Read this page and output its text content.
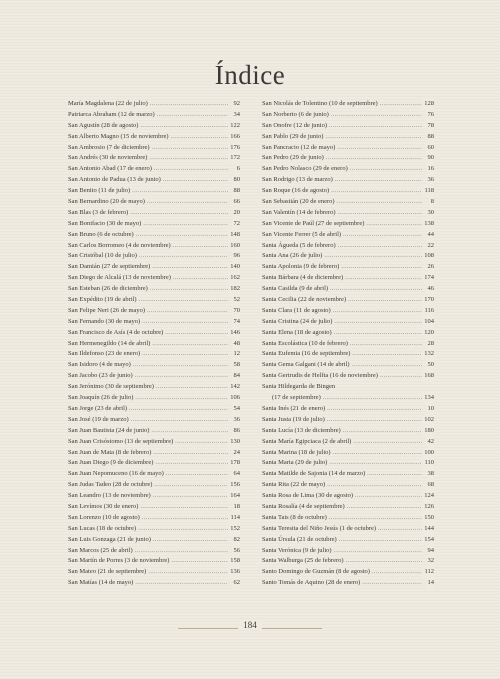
Índice
María Magdalena (22 de julio) .....	92
Patriarca Abraham (12 de marzo) .....	34
San Agustín (28 de agosto) .....	122
San Alberto Magno (15 de noviembre) .....	166
San Ambrosio (7 de diciembre) .....	176
San Andrés (30 de noviembre) .....	172
San Antonio Abad (17 de enero) .....	6
San Antonio de Padua (13 de junio) .....	80
San Benito (11 de julio) .....	88
San Bernardino (20 de mayo) .....	66
San Blas (3 de febrero) .....	20
San Bonifacio (30 de mayo) .....	72
San Bruno (6 de octubre) .....	148
San Carlos Borromeo (4 de noviembre) .....	160
San Cristóbal (10 de julio) .....	96
San Damián (27 de septiembre) .....	140
San Diego de Alcalá (13 de noviembre) .....	162
San Esteban (26 de diciembre) .....	182
San Expédito (19 de abril) .....	52
San Felipe Neri (26 de mayo) .....	70
San Fernando (30 de mayo) .....	74
San Francisco de Asís (4 de octubre) .....	146
San Hermenegildo (14 de abril) .....	48
San Ildefonso (23 de enero) .....	12
San Isidoro (4 de mayo) .....	58
San Jacobo (23 de junio) .....	84
San Jerónimo (30 de septiembre) .....	142
San Joaquín (26 de julio) .....	106
San Jorge (23 de abril) .....	54
San José (19 de marzo) .....	36
San Juan Bautista (24 de junio) .....	86
San Juan Crisóstomo (13 de septiembre) .....	130
San Juan de Mata (8 de febrero) .....	24
San Juan Diego (9 de diciembre) .....	178
San Juan Nepomuceno (16 de mayo) .....	64
San Judas Tadeo (28 de octubre) .....	156
San Leandro (13 de noviembre) .....	164
San Levímos (30 de enero) .....	18
San Lorenzo (10 de agosto) .....	114
San Lucas (18 de octubre) .....	152
San Luis Gonzaga (21 de junio) .....	82
San Marcos (25 de abril) .....	56
San Martín de Porres (3 de noviembre) .....	158
San Mateo (21 de septiembre) .....	136
San Matías (14 de mayo) .....	62
San Nicolás de Tolentino (10 de septiembre) .....	128
San Norberto (6 de junio) .....	76
San Onofre (12 de junio) .....	78
San Pablo (29 de junio) .....	88
San Pancracio (12 de mayo) .....	60
San Pedro (29 de junio) .....	90
San Pedro Nolasco (29 de enero) .....	16
San Rodrigo (13 de marzo) .....	36
San Roque (16 de agosto) .....	118
San Sebastián (20 de enero) .....	8
San Valentín (14 de febrero) .....	30
San Vicente de Paúl (27 de septiembre) .....	138
San Vicente Ferrer (5 de abril) .....	44
Santa Águeda (5 de febrero) .....	22
Santa Ana (26 de julio) .....	108
Santa Apolonia (9 de febrero) .....	26
Santa Bárbara (4 de diciembre) .....	174
Santa Casilda (9 de abril) .....	46
Santa Cecilia (22 de noviembre) .....	170
Santa Clara (11 de agosto) .....	116
Santa Cristina (24 de julio) .....	104
Santa Elena (18 de agosto) .....	120
Santa Escolástica (10 de febrero) .....	28
Santa Eufemia (16 de septiembre) .....	132
Santa Gema Galgani (14 de abril) .....	50
Santa Gertrudis de Helfta (16 de noviembre) .....	168
Santa Hildegarda de Bingen
(17 de septiembre) .....	134
Santa Inés (21 de enero) .....	10
Santa Justa (19 de julio) .....	102
Santa Lucía (13 de diciembre) .....	180
Santa María Egipciaca (2 de abril) .....	42
Santa Marina (18 de julio) .....	100
Santa Marta (29 de julio) .....	110
Santa Matilde de Sajonia (14 de marzo) .....	38
Santa Rita (22 de mayo) .....	68
Santa Rosa de Lima (30 de agosto) .....	124
Santa Rosalía (4 de septiembre) .....	126
Santa Tais (8 de octubre) .....	150
Santa Teresita del Niño Jesús (1 de octubre) .....	144
Santa Úrsula (21 de octubre) .....	154
Santa Verónica (9 de julio) .....	94
Santa Walburga (25 de febrero) .....	32
Santo Domingo de Guzmán (8 de agosto) .....	112
Santo Tomás de Aquino (28 de enero) .....	14
184
